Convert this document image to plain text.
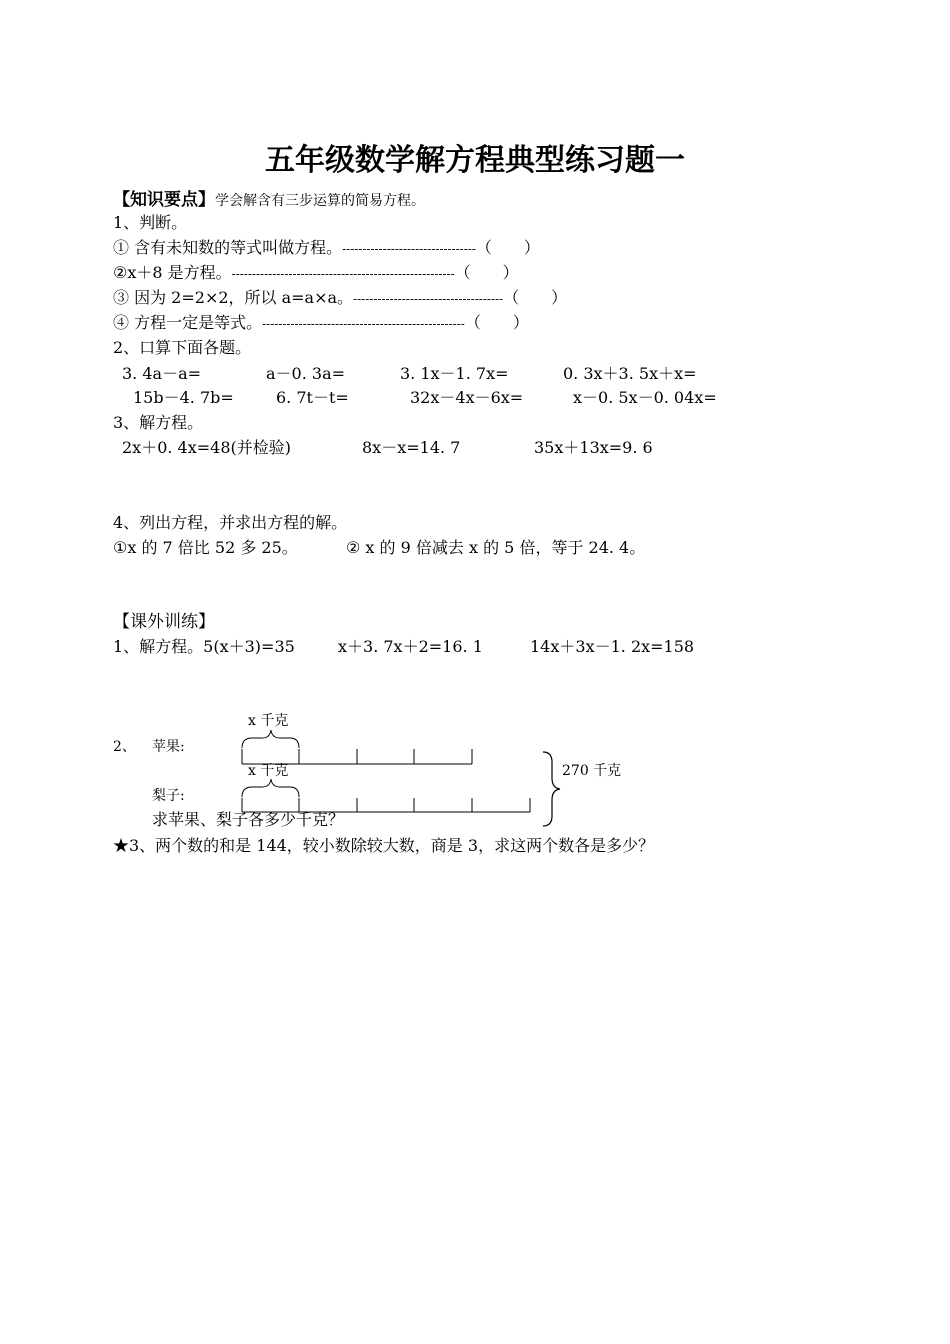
五年级数学解方程典型练习题一
【知识要点】学会解含有三步运算的简易方程。
1、判断。
① 含有未知数的等式叫做方程。---------------------------------（　　）
②x＋8 是方程。-------------------------------------------------------（　　）
③ 因为 2=2×2，所以 a=a×a。-------------------------------------（　　）
④ 方程一定是等式。--------------------------------------------------（　　）
2、口算下面各题。
3. 4a－a=	a－0. 3a=	3. 1x－1. 7x=	0. 3x＋3. 5x＋x=
15b－4. 7b=	6. 7t－t=	32x－4x－6x=	x－0. 5x－0. 04x=
3、解方程。
2x＋0. 4x=48(并检验)	8x－x=14. 7	35x＋13x=9. 6
4、列出方程，并求出方程的解。
①x 的 7 倍比 52 多 25。	② x 的 9 倍减去 x 的 5 倍，等于 24. 4。
【课外训练】
1、解方程。5(x＋3)=35	x＋3. 7x＋2=16. 1	14x＋3x－1. 2x=158
2、 苹果:
梨子:
x 千克
x 千克	270 千克
求苹果、梨子各多少千克？
★3、两个数的和是 144，较小数除较大数，商是 3，求这两个数各是多少？
